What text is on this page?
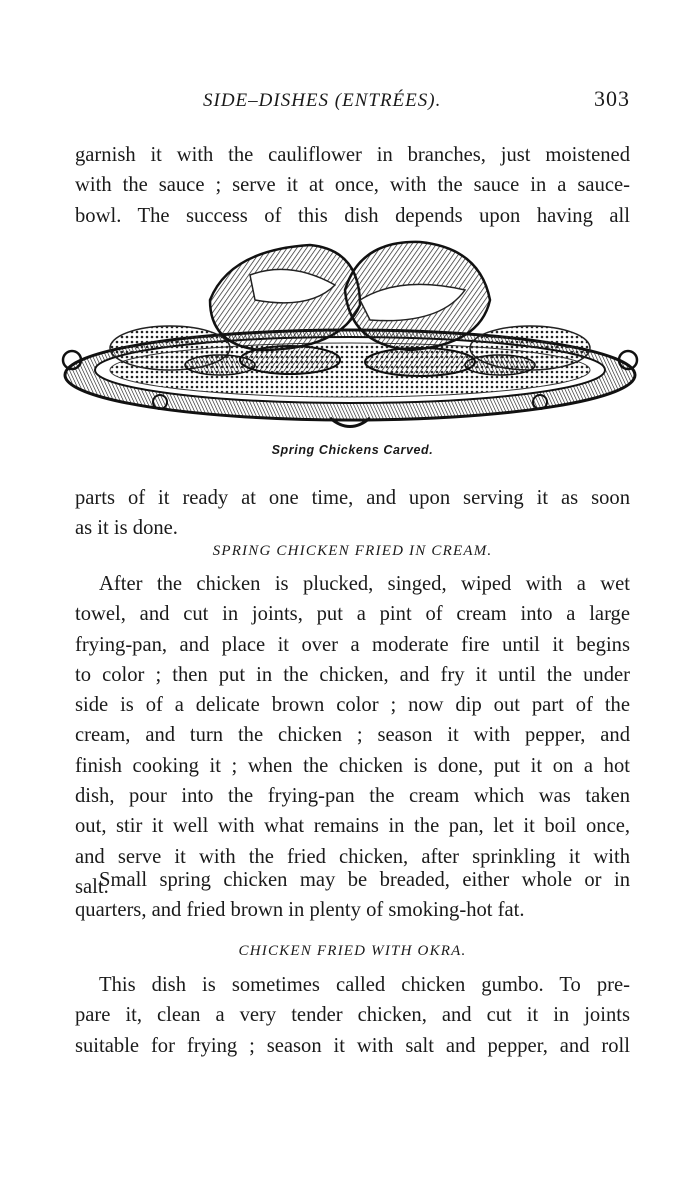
SIDE–DISHES (ENTRÉES).	303

garnish it with the cauliflower in branches, just moistened
with the sauce ; serve it at once, with the sauce in a sauce-
bowl. The success of this dish depends upon having all

Spring Chickens Carved.

parts of it ready at one time, and upon serving it as soon
as it is done.

SPRING CHICKEN FRIED IN CREAM.

After the chicken is plucked, singed, wiped with a wet
towel, and cut in joints, put a pint of cream into a large
frying-pan, and place it over a moderate fire until it begins
to color ; then put in the chicken, and fry it until the under
side is of a delicate brown color ; now dip out part of the
cream, and turn the chicken ; season it with pepper, and
finish cooking it ; when the chicken is done, put it on a hot
dish, pour into the frying-pan the cream which was taken
out, stir it well with what remains in the pan, let it boil once,
and serve it with the fried chicken, after sprinkling it with
salt.

Small spring chicken may be breaded, either whole or in
quarters, and fried brown in plenty of smoking-hot fat.

CHICKEN FRIED WITH OKRA.

This dish is sometimes called chicken gumbo. To pre-
pare it, clean a very tender chicken, and cut it in joints
suitable for frying ; season it with salt and pepper, and roll
